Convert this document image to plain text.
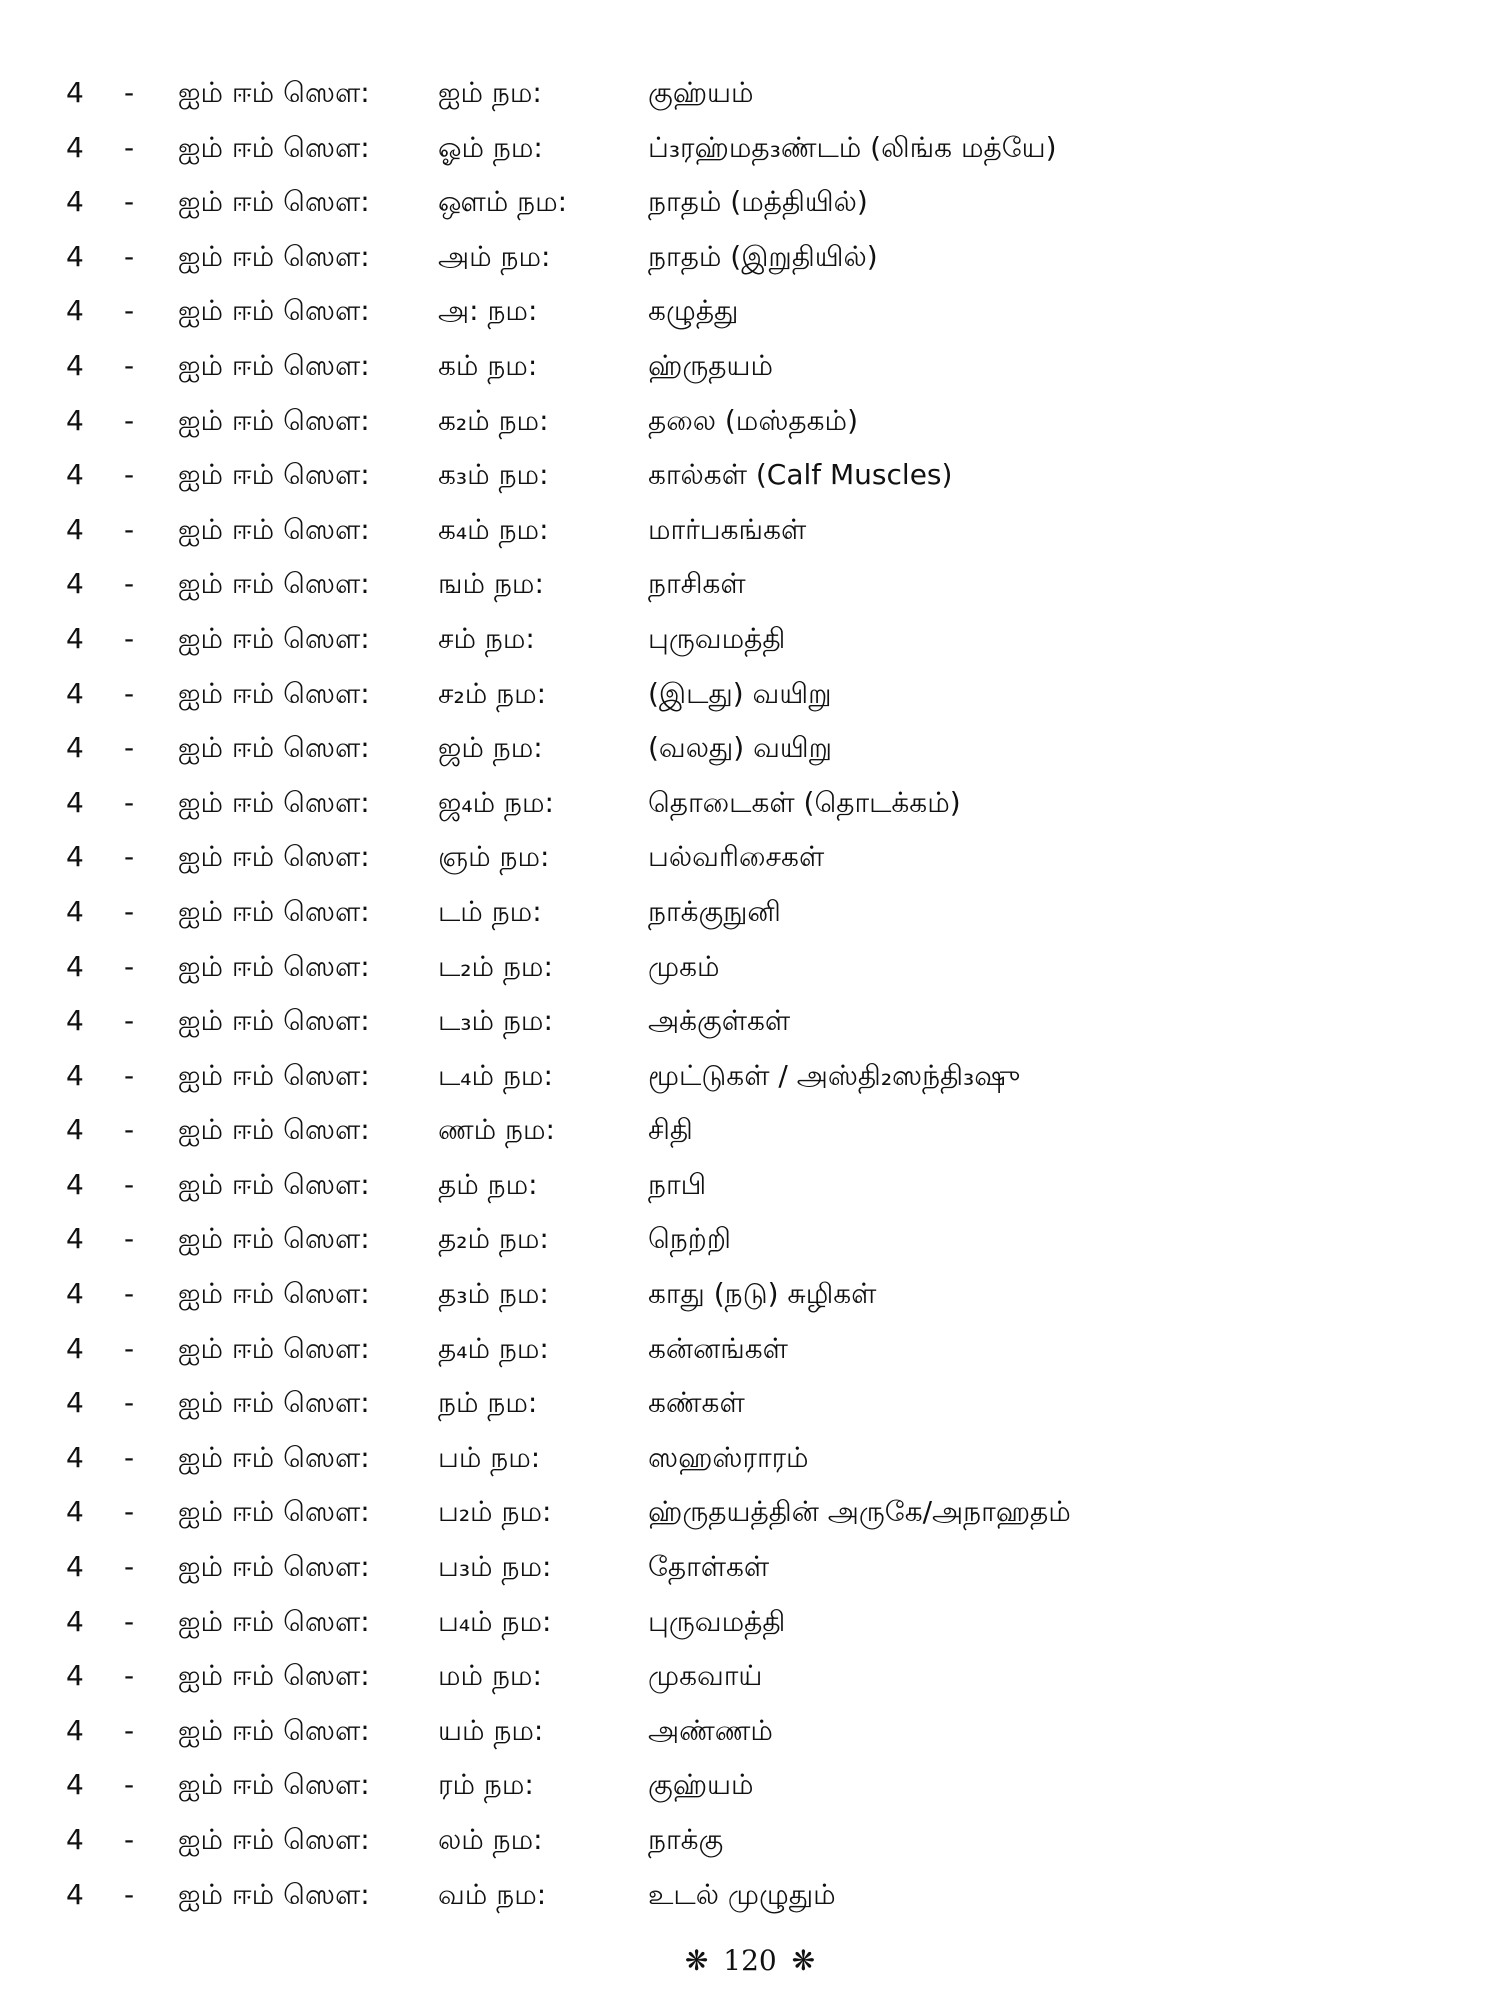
4 - ஐம் ஈம் ஸௌ: ஐம் நம:	குஹ்யம்
4 - ஐம் ஈம் ஸௌ: ஓம் நம:	ப்₃ரஹ்மத₃ண்டம் (லிங்க மத்யே)
4 - ஐம் ஈம் ஸௌ: ஔம் நம:	நாதம் (மத்தியில்)
4 - ஐம் ஈம் ஸௌ: அம் நம:	நாதம் (இறுதியில்)
4 - ஐம் ஈம் ஸௌ: அ: நம:	கழுத்து
4 - ஐம் ஈம் ஸௌ: கம் நம:	ஹ்ருதயம்
4 - ஐம் ஈம் ஸௌ: க₂ம் நம:	தலை (மஸ்தகம்)
4 - ஐம் ஈம் ஸௌ: க₃ம் நம:	கால்கள் (Calf Muscles)
4 - ஐம் ஈம் ஸௌ: க₄ம் நம:	மார்பகங்கள்
4 - ஐம் ஈம் ஸௌ: ஙம் நம:	நாசிகள்
4 - ஐம் ஈம் ஸௌ: சம் நம:	புருவமத்தி
4 - ஐம் ஈம் ஸௌ: ச₂ம் நம:	(இடது) வயிறு
4 - ஐம் ஈம் ஸௌ: ஜம் நம:	(வலது) வயிறு
4 - ஐம் ஈம் ஸௌ: ஜ₄ம் நம:	தொடைகள் (தொடக்கம்)
4 - ஐம் ஈம் ஸௌ: ஞம் நம:	பல்வரிசைகள்
4 - ஐம் ஈம் ஸௌ: டம் நம:	நாக்குநுனி
4 - ஐம் ஈம் ஸௌ: ட₂ம் நம:	முகம்
4 - ஐம் ஈம் ஸௌ: ட₃ம் நம:	அக்குள்கள்
4 - ஐம் ஈம் ஸௌ: ட₄ம் நம:	மூட்டுகள் / அஸ்தி₂ஸந்தி₃ஷு
4 - ஐம் ஈம் ஸௌ: ணம் நம:	சிதி
4 - ஐம் ஈம் ஸௌ: தம் நம:	நாபி
4 - ஐம் ஈம் ஸௌ: த₂ம் நம:	நெற்றி
4 - ஐம் ஈம் ஸௌ: த₃ம் நம:	காது (நடு) சுழிகள்
4 - ஐம் ஈம் ஸௌ: த₄ம் நம:	கன்னங்கள்
4 - ஐம் ஈம் ஸௌ: நம் நம:	கண்கள்
4 - ஐம் ஈம் ஸௌ: பம் நம:	ஸஹஸ்ராரம்
4 - ஐம் ஈம் ஸௌ: ப₂ம் நம:	ஹ்ருதயத்தின் அருகே/அநாஹதம்
4 - ஐம் ஈம் ஸௌ: ப₃ம் நம:	தோள்கள்
4 - ஐம் ஈம் ஸௌ: ப₄ம் நம:	புருவமத்தி
4 - ஐம் ஈம் ஸௌ: மம் நம:	முகவாய்
4 - ஐம் ஈம் ஸௌ: யம் நம:	அண்ணம்
4 - ஐம் ஈம் ஸௌ: ரம் நம:	குஹ்யம்
4 - ஐம் ஈம் ஸௌ: லம் நம:	நாக்கு
4 - ஐம் ஈம் ஸௌ: வம் நம:	உடல் முழுதும்
❋ 120 ❋
